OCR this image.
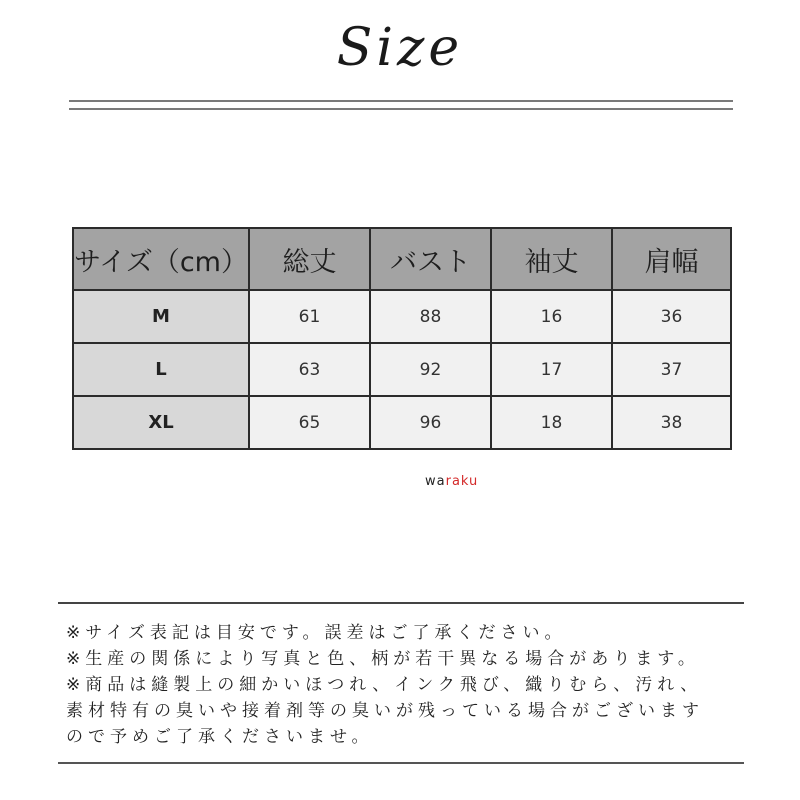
Size
サイズ（cm）	総丈	バスト	袖丈	肩幅
M	61	88	16	36
L	63	92	17	37
XL	65	96	18	38
waraku
※サイズ表記は目安です。誤差はご了承ください。
※生産の関係により写真と色、柄が若干異なる場合があります。
※商品は縫製上の細かいほつれ、インク飛び、織りむら、汚れ、
素材特有の臭いや接着剤等の臭いが残っている場合がございます
ので予めご了承くださいませ。
